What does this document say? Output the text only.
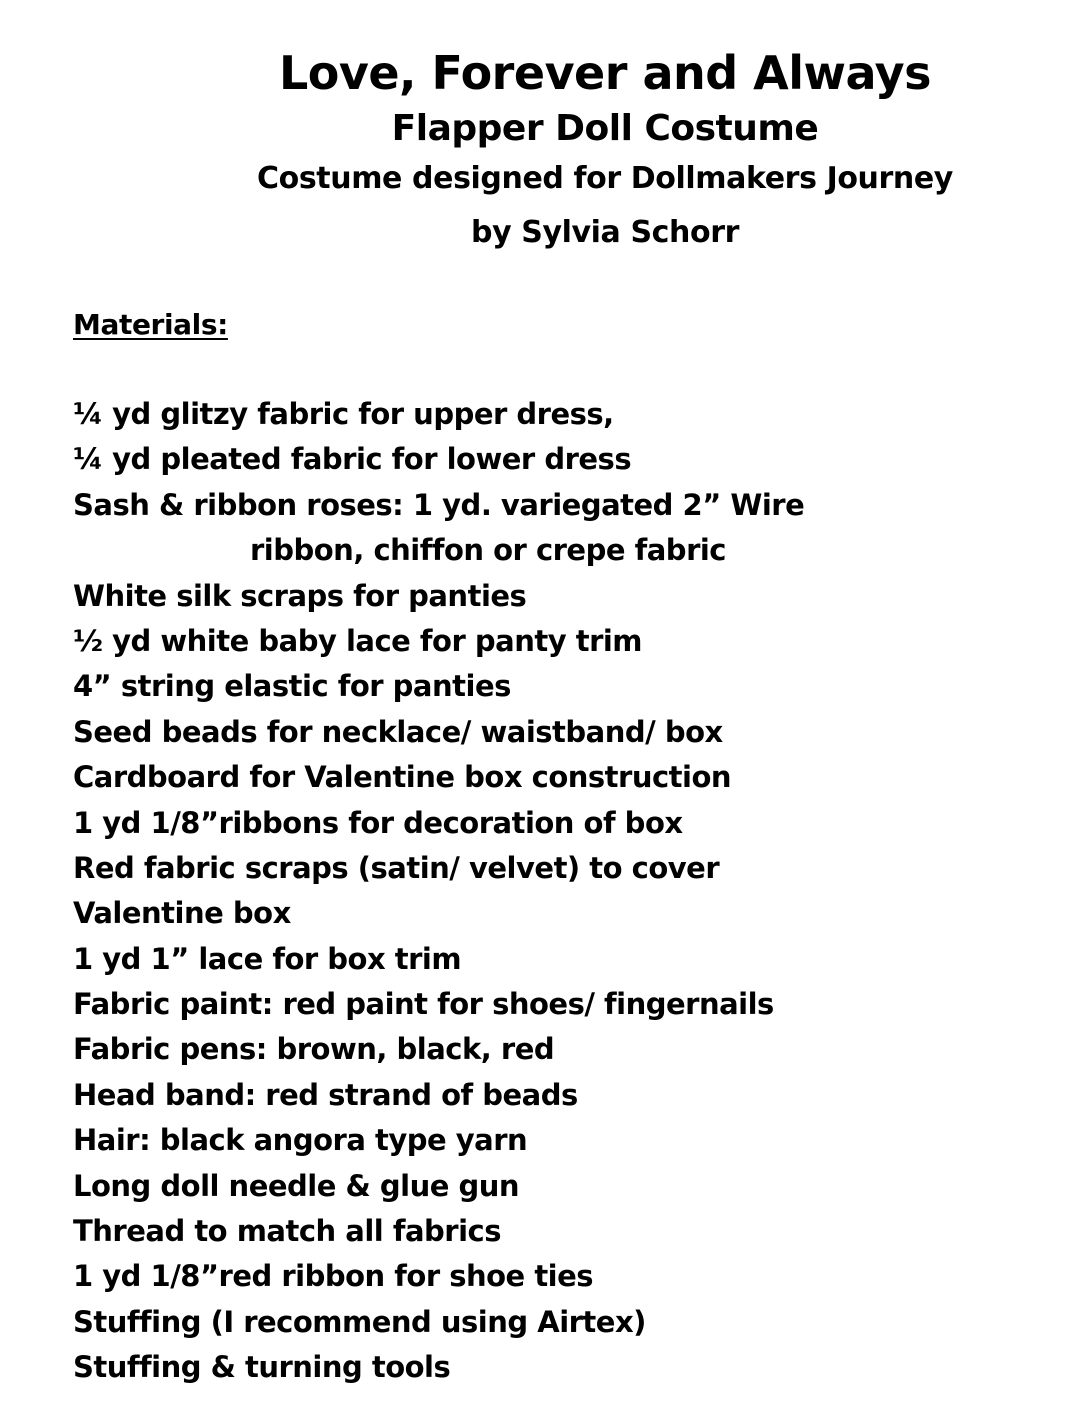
Love, Forever and Always
Flapper Doll Costume

Costume designed for Dollmakers Journey

by Sylvia Schorr

Materials:
¼ yd glitzy fabric for upper dress,
¼ yd pleated fabric for lower dress
Sash & ribbon roses: 1 yd. variegated 2” Wire
ribbon, chiffon or crepe fabric
White silk scraps for panties
½ yd white baby lace for panty trim
4” string elastic for panties
Seed beads for necklace/ waistband/ box
Cardboard for Valentine box construction
1 yd 1/8”ribbons for decoration of box
Red fabric scraps (satin/ velvet) to cover
Valentine box
1 yd 1” lace for box trim
Fabric paint: red paint for shoes/ fingernails
Fabric pens: brown, black, red
Head band: red strand of beads
Hair: black angora type yarn
Long doll needle & glue gun
Thread to match all fabrics
1 yd 1/8”red ribbon for shoe ties
Stuffing (I recommend using Airtex)
Stuffing & turning tools
